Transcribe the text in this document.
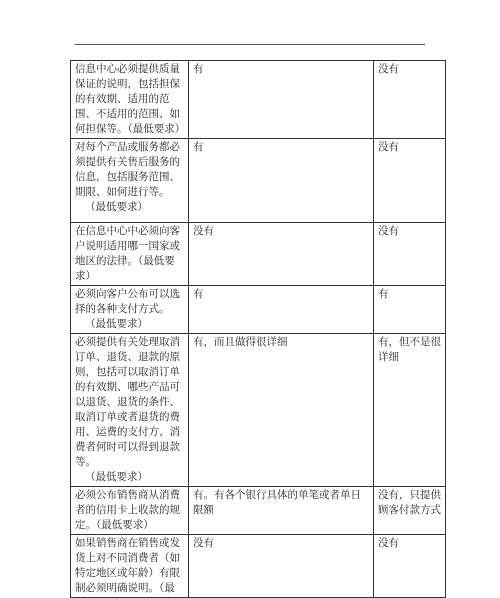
.
信息中心必须提供质量保证的说明，包括担保的有效期、适用的范围、不适用的范围、如何担保等。（最低要求）	有	没有
对每个产品或服务都必须提供有关售后服务的信息，包括服务范围、期限、如何进行等。
（最低要求）	有	没有
在信息中心中必须向客户说明适用哪一国家或地区的法律。（最低要求）	没有	没有
必须向客户公布可以选择的各种支付方式。
（最低要求）	有	有
必须提供有关处理取消订单、退货、退款的原则，包括可以取消订单的有效期、哪些产品可以退货、退货的条件、取消订单或者退货的费用、运费的支付方、消费者何时可以得到退款等。
（最低要求）	有，而且做得很详细	有，但不是很详细
必须公布销售商从消费者的信用卡上收款的规定。（最低要求）	有。有各个银行具体的单笔或者单日限额	没有，只提供顾客付款方式
如果销售商在销售或发货上对不同消费者（如特定地区或年龄）有限制必须明确说明。（最	没有	没有
